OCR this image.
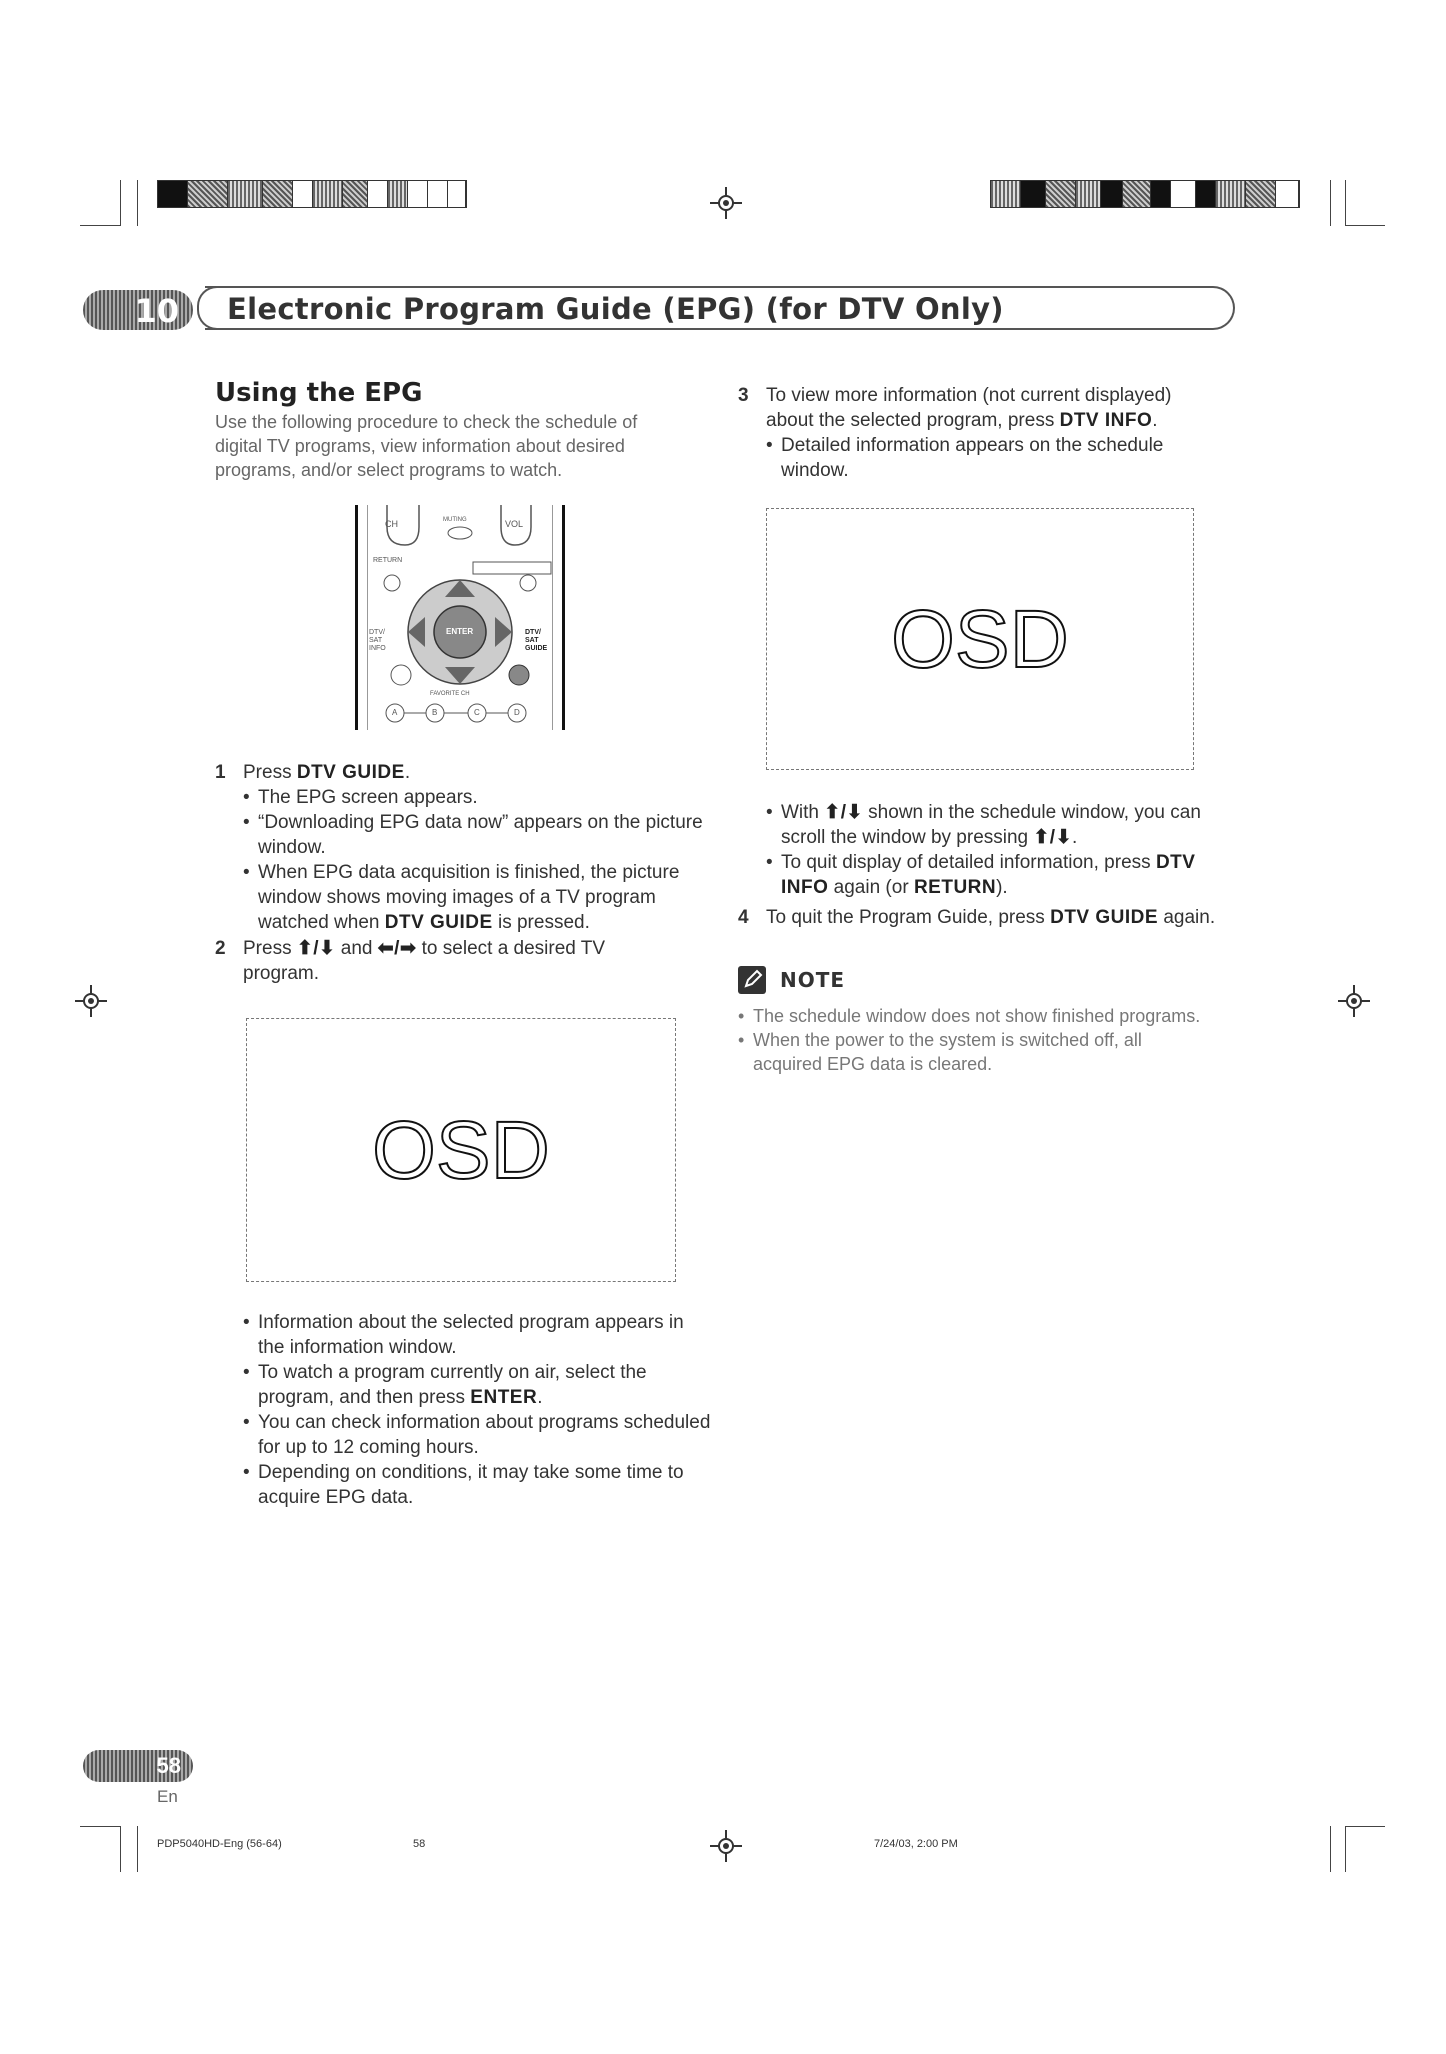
10 Electronic Program Guide (EPG) (for DTV Only)
Using the EPG
Use the following procedure to check the schedule of digital TV programs, view information about desired programs, and/or select programs to watch.
CH	MUTING	VOL
RETURN
ENTER	DTV/ SAT GUIDE
DTV/ SAT INFO
FAVORITE CH
A	B	C	D
1 Press DTV GUIDE.
• The EPG screen appears.
• “Downloading EPG data now” appears on the picture window.
• When EPG data acquisition is finished, the picture window shows moving images of a TV program watched when DTV GUIDE is pressed.
2 Press ⬆/⬇ and ⬅/➡ to select a desired TV program.
OSD
• Information about the selected program appears in the information window.
• To watch a program currently on air, select the program, and then press ENTER.
• You can check information about programs scheduled for up to 12 coming hours.
• Depending on conditions, it may take some time to acquire EPG data.
3 To view more information (not current displayed) about the selected program, press DTV INFO.
• Detailed information appears on the schedule window.
OSD
• With ⬆/⬇ shown in the schedule window, you can scroll the window by pressing ⬆/⬇.
• To quit display of detailed information, press DTV INFO again (or RETURN).
4 To quit the Program Guide, press DTV GUIDE again.
NOTE
• The schedule window does not show finished programs.
• When the power to the system is switched off, all acquired EPG data is cleared.
58
En
PDP5040HD-Eng (56-64)	58	7/24/03, 2:00 PM
